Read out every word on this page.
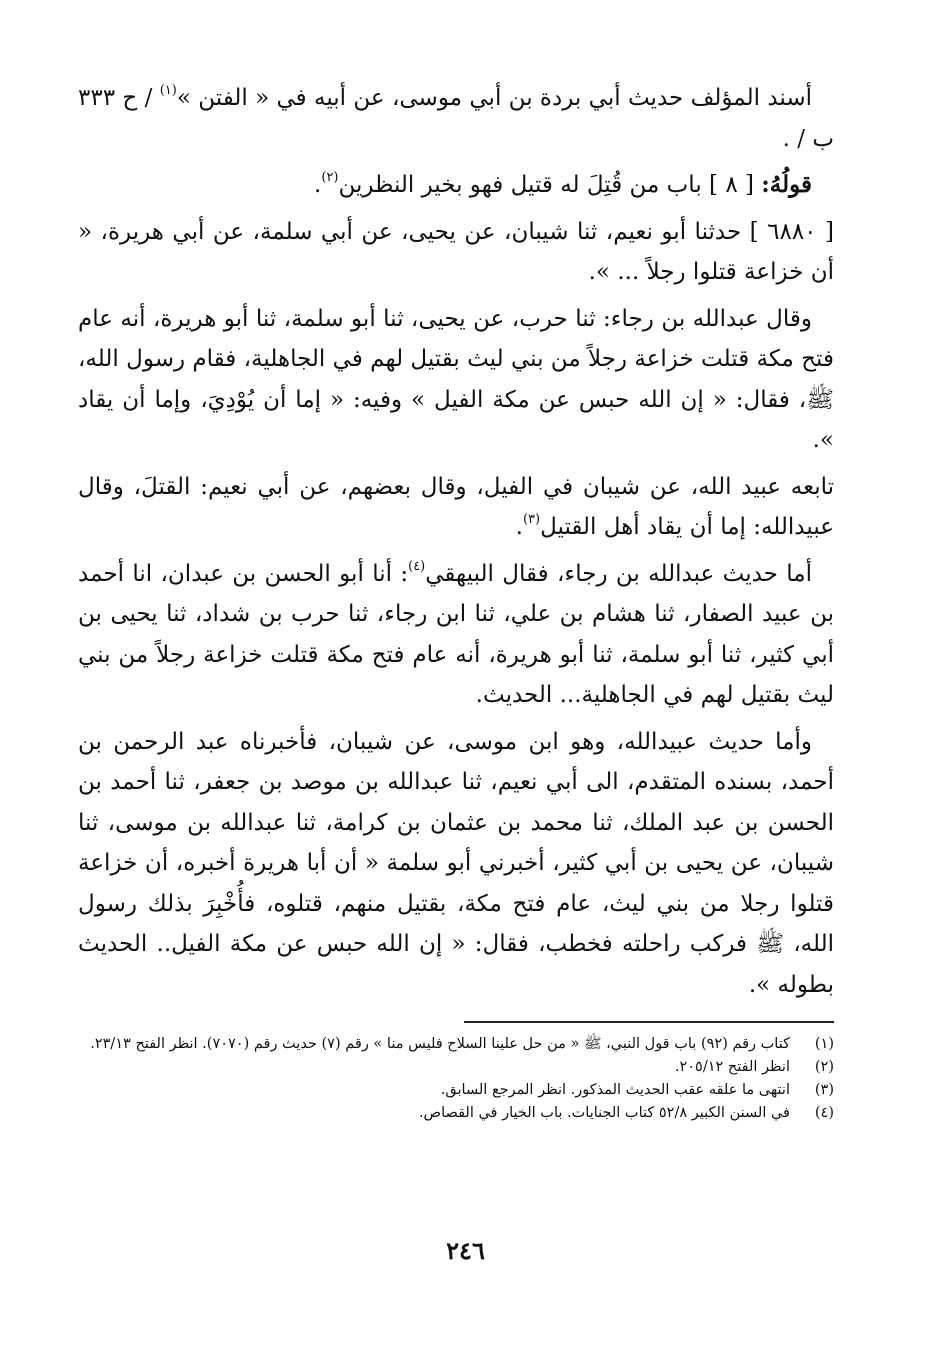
أسند المؤلف حديث أبي بردة بن أبي موسى، عن أبيه في « الفتن »$^{(١)}$ / ح ٣٣٣ ب / .

قولُهُ: [ ٨ ] باب من قُتِلَ له قتيل فهو بخير النظرين$^{(٢)}$.

[ ٦٨٨٠ ] حدثنا أبو نعيم، ثنا شيبان، عن يحيى، عن أبي سلمة، عن أبي هريرة، « أن خزاعة قتلوا رجلاً ... ».

وقال عبدالله بن رجاء: ثنا حرب، عن يحيى، ثنا أبو سلمة، ثنا أبو هريرة، أنه عام فتح مكة قتلت خزاعة رجلاً من بني ليث بقتيل لهم في الجاهلية، فقام رسول الله، ﷺ، فقال: « إن الله حبس عن مكة الفيل » وفيه: « إما أن يُوْدِيَ، وإما أن يقاد ».

تابعه عبيد الله، عن شيبان في الفيل، وقال بعضهم، عن أبي نعيم: القتلَ، وقال عبيدالله: إما أن يقاد أهل القتيل$^{(٣)}$.

أما حديث عبدالله بن رجاء، فقال البيهقي$^{(٤)}$: أنا أبو الحسن بن عبدان، انا أحمد بن عبيد الصفار، ثنا هشام بن علي، ثنا ابن رجاء، ثنا حرب بن شداد، ثنا يحيى بن أبي كثير، ثنا أبو سلمة، ثنا أبو هريرة، أنه عام فتح مكة قتلت خزاعة رجلاً من بني ليث بقتيل لهم في الجاهلية... الحديث.

وأما حديث عبيدالله، وهو ابن موسى، عن شيبان، فأخبرناه عبد الرحمن بن أحمد، بسنده المتقدم، الى أبي نعيم، ثنا عبدالله بن موصد بن جعفر، ثنا أحمد بن الحسن بن عبد الملك، ثنا محمد بن عثمان بن كرامة، ثنا عبدالله بن موسى، ثنا شيبان، عن يحيى بن أبي كثير، أخبرني أبو سلمة « أن أبا هريرة أخبره، أن خزاعة قتلوا رجلا من بني ليث، عام فتح مكة، بقتيل منهم، قتلوه، فأُخْبِرَ بذلك رسول الله، ﷺ فركب راحلته فخطب، فقال: « إن الله حبس عن مكة الفيل.. الحديث بطوله ».

(١)
كتاب رقم (٩٢) باب قول النبي، ﷺ « من حل علينا السلاح فليس منا » رقم (٧) حديث رقم (٧٠٧٠). انظر الفتح ٢٣/١٣.
(٢)
انظر الفتح ٢٠٥/١٢.
(٣)
انتهى ما علقه عقب الحديث المذكور. انظر المرجع السابق.
(٤)
في السنن الكبير ٥٢/٨ كتاب الجنايات. باب الخيار في القصاص.
٢٤٦
